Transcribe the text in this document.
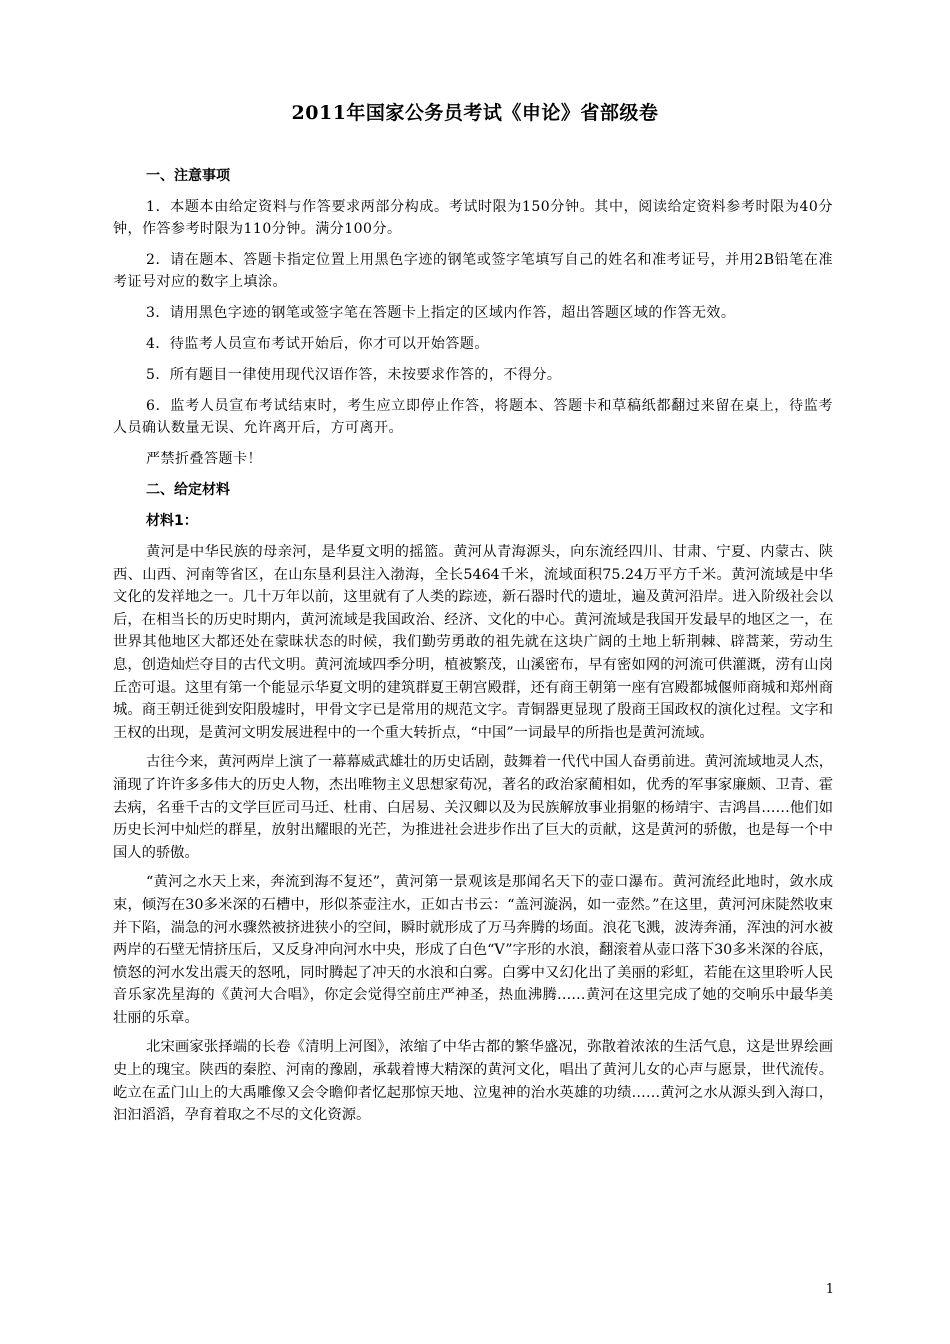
2011年国家公务员考试《申论》省部级卷
一、注意事项

1．本题本由给定资料与作答要求两部分构成。考试时限为150分钟。其中，阅读给定资料参考时限为40分钟，作答参考时限为110分钟。满分100分。

2．请在题本、答题卡指定位置上用黑色字迹的钢笔或签字笔填写自己的姓名和准考证号，并用2B铅笔在准考证号对应的数字上填涂。

3．请用黑色字迹的钢笔或签字笔在答题卡上指定的区域内作答，超出答题区域的作答无效。

4．待监考人员宣布考试开始后，你才可以开始答题。

5．所有题目一律使用现代汉语作答，未按要求作答的，不得分。

6．监考人员宣布考试结束时，考生应立即停止作答，将题本、答题卡和草稿纸都翻过来留在桌上，待监考人员确认数量无误、允许离开后，方可离开。

严禁折叠答题卡！

二、给定材料
材料1：

黄河是中华民族的母亲河，是华夏文明的摇篮。黄河从青海源头，向东流经四川、甘肃、宁夏、内蒙古、陕西、山西、河南等省区，在山东垦利县注入渤海，全长5464千米，流域面积75.24万平方千米。黄河流域是中华文化的发祥地之一。几十万年以前，这里就有了人类的踪迹，新石器时代的遗址，遍及黄河沿岸。进入阶级社会以后，在相当长的历史时期内，黄河流域是我国政治、经济、文化的中心。黄河流域是我国开发最早的地区之一，在世界其他地区大都还处在蒙昧状态的时候，我们勤劳勇敢的祖先就在这块广阔的土地上斩荆棘、辟蒿莱，劳动生息，创造灿烂夺目的古代文明。黄河流域四季分明，植被繁茂，山溪密布，早有密如网的河流可供灌溉，涝有山岗丘峦可退。这里有第一个能显示华夏文明的建筑群夏王朝宫殿群，还有商王朝第一座有宫殿都城偃师商城和郑州商城。商王朝迁徙到安阳殷墟时，甲骨文字已是常用的规范文字。青铜器更显现了殷商王国政权的演化过程。文字和王权的出现，是黄河文明发展进程中的一个重大转折点，“中国”一词最早的所指也是黄河流域。

古往今来，黄河两岸上演了一幕幕威武雄壮的历史话剧，鼓舞着一代代中国人奋勇前进。黄河流域地灵人杰，涌现了许许多多伟大的历史人物，杰出唯物主义思想家荀况，著名的政治家蔺相如，优秀的军事家廉颇、卫青、霍去病，名垂千古的文学巨匠司马迁、杜甫、白居易、关汉卿以及为民族解放事业捐躯的杨靖宇、吉鸿昌……他们如历史长河中灿烂的群星，放射出耀眼的光芒，为推进社会进步作出了巨大的贡献，这是黄河的骄傲，也是每一个中国人的骄傲。

“黄河之水天上来，奔流到海不复还”，黄河第一景观该是那闻名天下的壶口瀑布。黄河流经此地时，敛水成束，倾泻在30多米深的石槽中，形似茶壶注水，正如古书云：“盖河漩涡，如一壶然。”在这里，黄河河床陡然收束并下陷，湍急的河水骤然被挤进狭小的空间，瞬时就形成了万马奔腾的场面。浪花飞溅，波涛奔涌，浑浊的河水被两岸的石壁无情挤压后，又反身冲向河水中央，形成了白色“V”字形的水浪，翻滚着从壶口落下30多米深的谷底，愤怒的河水发出震天的怒吼，同时腾起了冲天的水浪和白雾。白雾中又幻化出了美丽的彩虹，若能在这里聆听人民音乐家冼星海的《黄河大合唱》，你定会觉得空前庄严神圣，热血沸腾……黄河在这里完成了她的交响乐中最华美壮丽的乐章。

北宋画家张择端的长卷《清明上河图》，浓缩了中华古都的繁华盛况，弥散着浓浓的生活气息，这是世界绘画史上的瑰宝。陕西的秦腔、河南的豫剧，承载着博大精深的黄河文化，唱出了黄河儿女的心声与愿景，世代流传。屹立在孟门山上的大禹雕像又会令瞻仰者忆起那惊天地、泣鬼神的治水英雄的功绩……黄河之水从源头到入海口，汩汩滔滔，孕育着取之不尽的文化资源。

1
